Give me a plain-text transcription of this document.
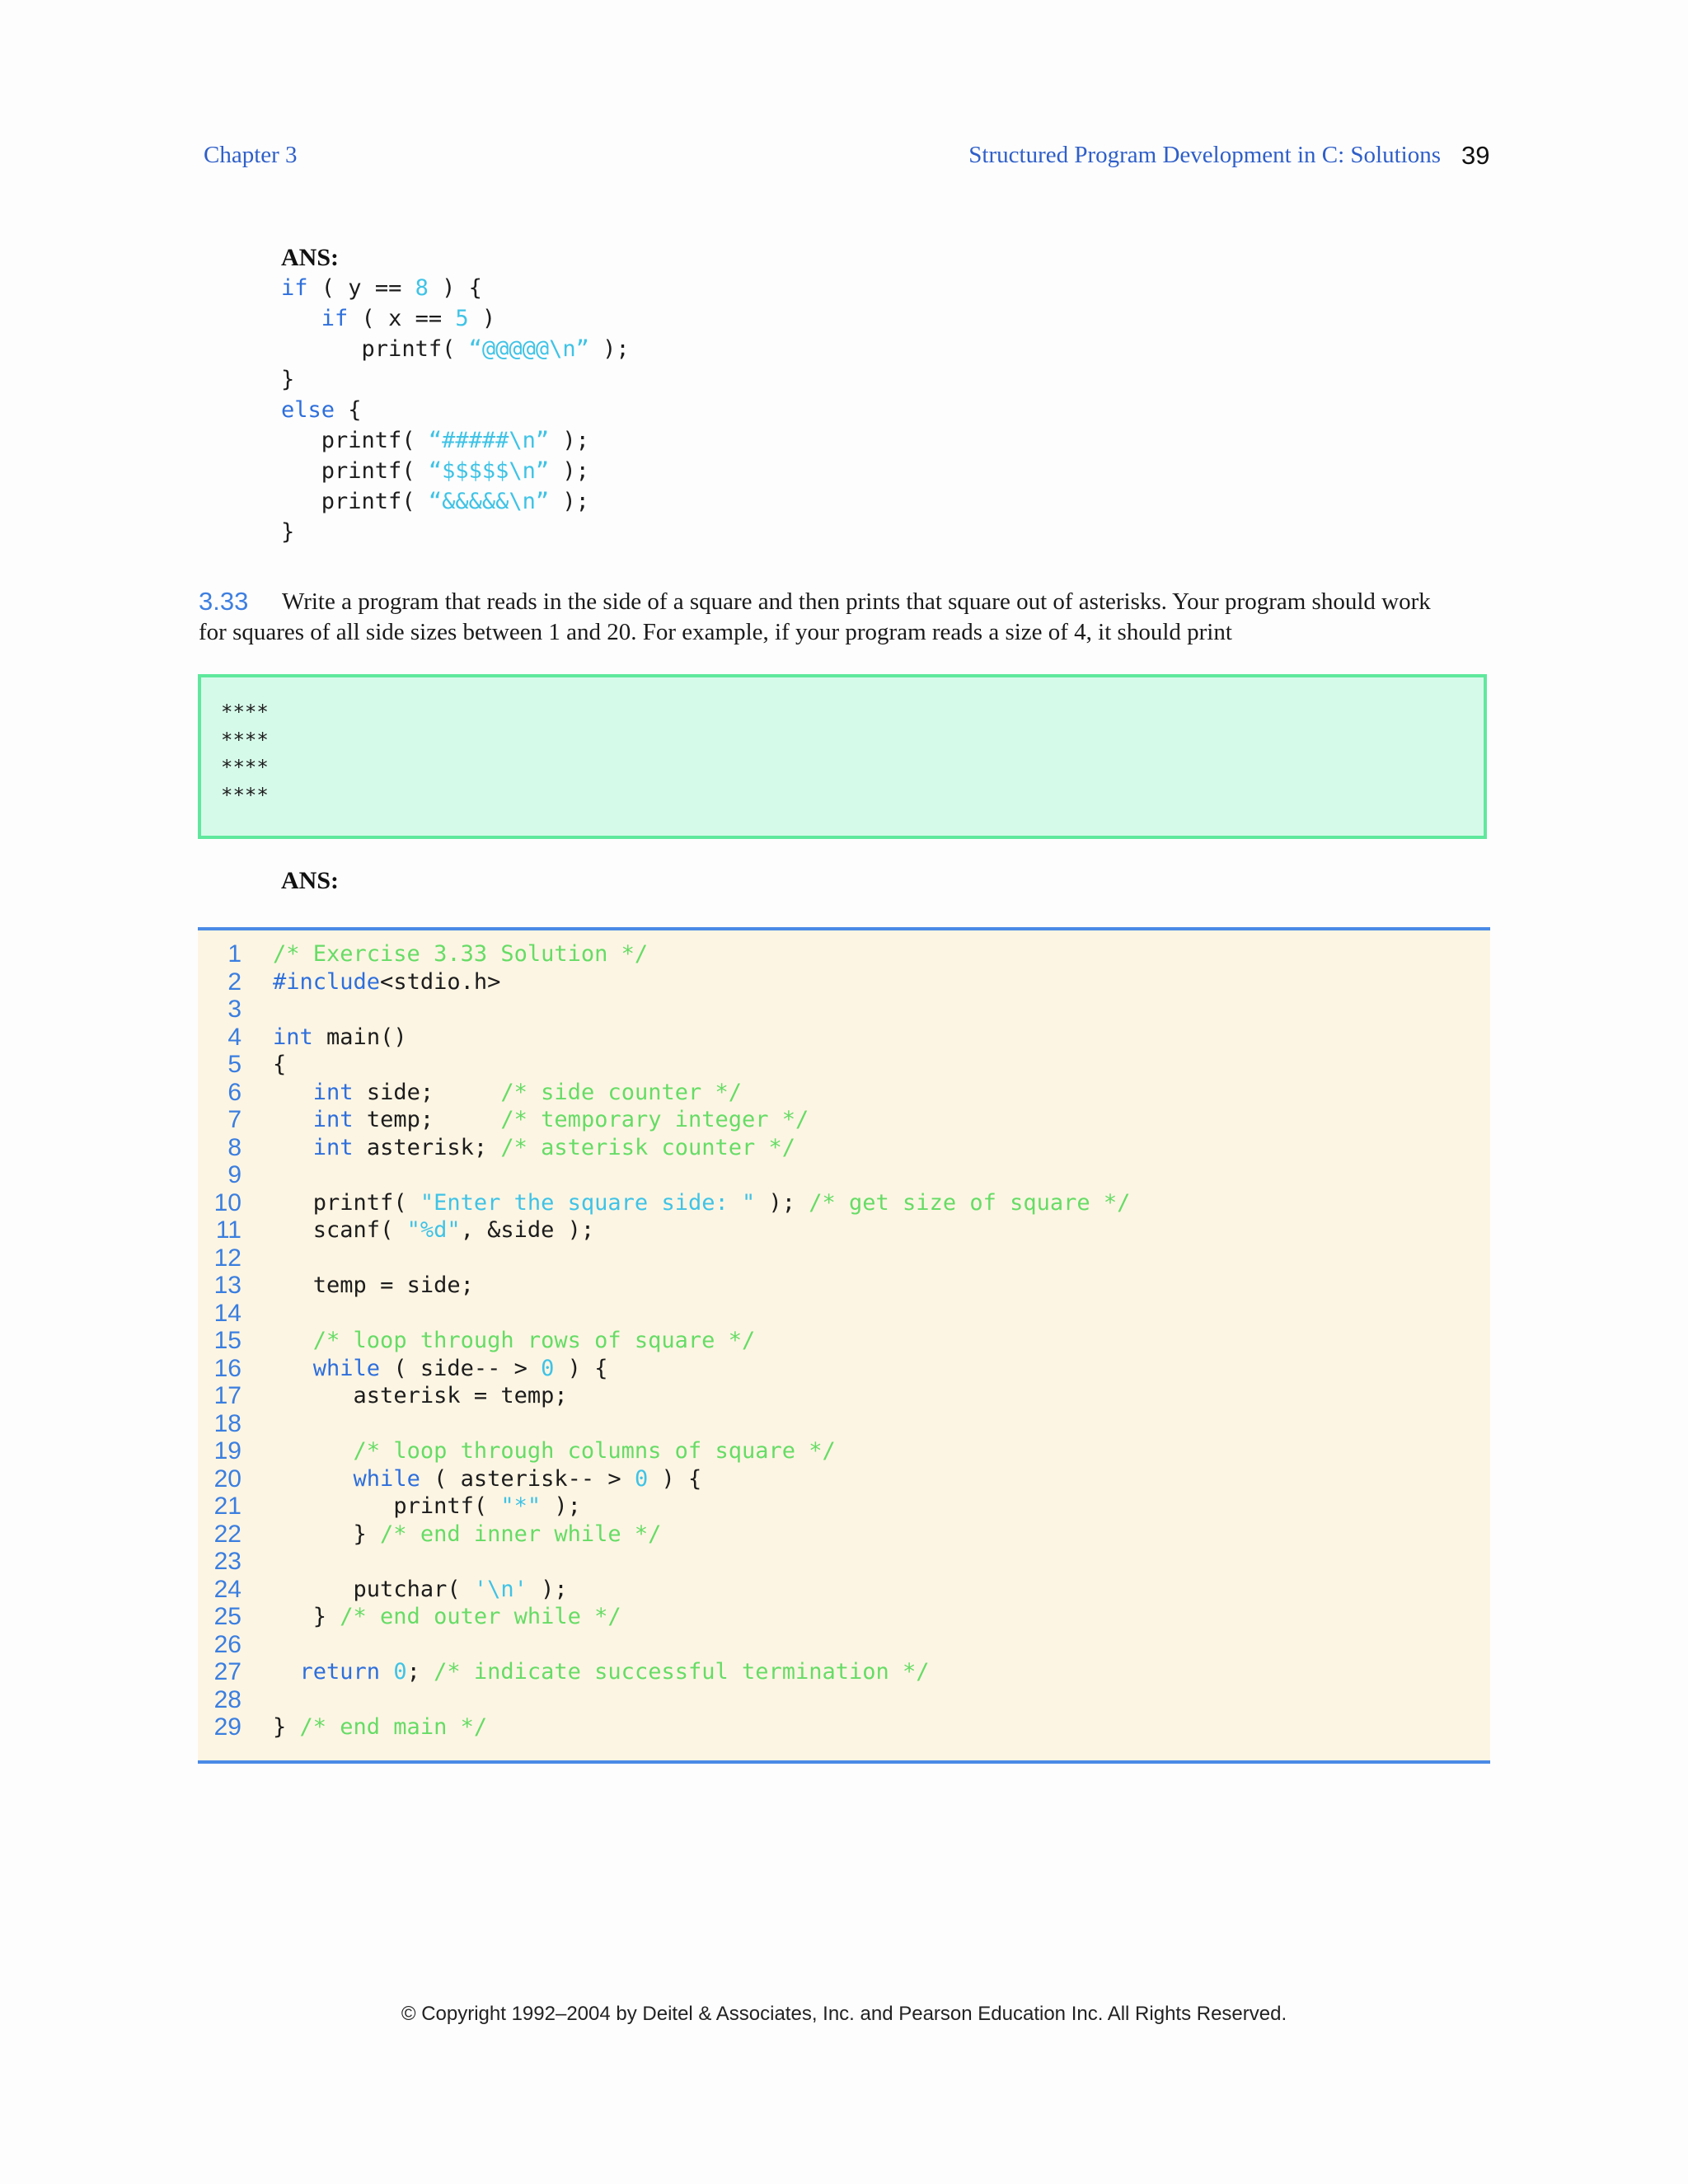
Chapter 3	Structured Program Development in C: Solutions 39
ANS:
if ( y == 8 ) {
if ( x == 5 )
printf( “@@@@@\n” );
}
else {
printf( “#####\n” );
printf( “$$$$$\n” );
printf( “&&&&&\n” );
}
3.33 Write a program that reads in the side of a square and then prints that square out of asterisks. Your program should work
for squares of all side sizes between 1 and 20. For example, if your program reads a size of 4, it should print
****
****
****
****
ANS:
1
2
3
4
5
6
7
8
9
10
11
12
13
14
15
16
17
18
19
20
21
22
23
24
25
26
27
28
29
/* Exercise 3.33 Solution */
#include<stdio.h>

int main()
{
int side;     /* side counter */
int temp;     /* temporary integer */
int asterisk; /* asterisk counter */

printf( "Enter the square side: " ); /* get size of square */
scanf( "%d", &side );

temp = side;

/* loop through rows of square */
while ( side-- > 0 ) {
asterisk = temp;

/* loop through columns of square */
while ( asterisk-- > 0 ) {
printf( "*" );
} /* end inner while */

putchar( '\n' );
} /* end outer while */

return 0; /* indicate successful termination */

} /* end main */
© Copyright 1992–2004 by Deitel & Associates, Inc. and Pearson Education Inc. All Rights Reserved.
